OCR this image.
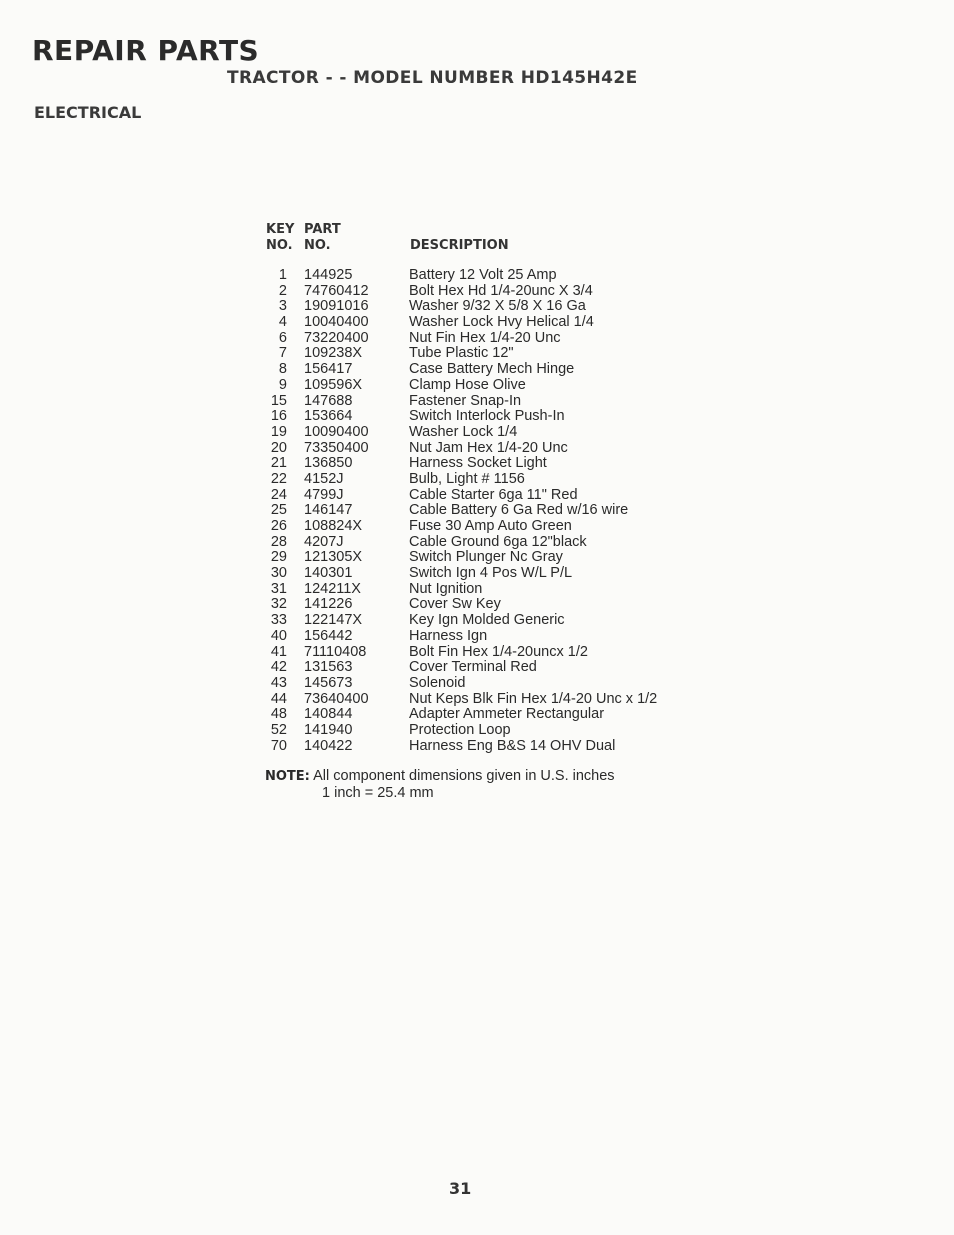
REPAIR PARTS
TRACTOR - - MODEL NUMBER HD145H42E
ELECTRICAL
KEY
NO.
PART
NO.	DESCRIPTION
1 144925	Battery 12 Volt 25 Amp
2 74760412	Bolt Hex Hd 1/4-20unc X 3/4
3 19091016	Washer 9/32 X 5/8 X 16 Ga
4 10040400	Washer Lock Hvy Helical 1/4
6 73220400	Nut Fin Hex 1/4-20 Unc
7 109238X	Tube Plastic 12"
8 156417	Case Battery Mech Hinge
9 109596X	Clamp Hose Olive
15 147688	Fastener Snap-In
16 153664	Switch Interlock Push-In
19 10090400	Washer Lock 1/4
20 73350400	Nut Jam Hex 1/4-20 Unc
21 136850	Harness Socket Light
22 4152J	Bulb, Light # 1156
24 4799J	Cable Starter 6ga 11" Red
25 146147	Cable Battery 6 Ga Red w/16 wire
26 108824X	Fuse 30 Amp Auto Green
28 4207J	Cable Ground 6ga 12"black
29 121305X	Switch Plunger Nc Gray
30 140301	Switch Ign 4 Pos W/L P/L
31 124211X	Nut Ignition
32 141226	Cover Sw Key
33 122147X	Key Ign Molded Generic
40 156442	Harness Ign
41 71110408	Bolt Fin Hex 1/4-20uncx 1/2
42 131563	Cover Terminal Red
43 145673	Solenoid
44 73640400	Nut Keps Blk Fin Hex 1/4-20 Unc x 1/2
48 140844	Adapter Ammeter Rectangular
52 141940	Protection Loop
70 140422	Harness Eng B&S 14 OHV Dual
NOTE: All component dimensions given in U.S. inches
1 inch = 25.4 mm
31
